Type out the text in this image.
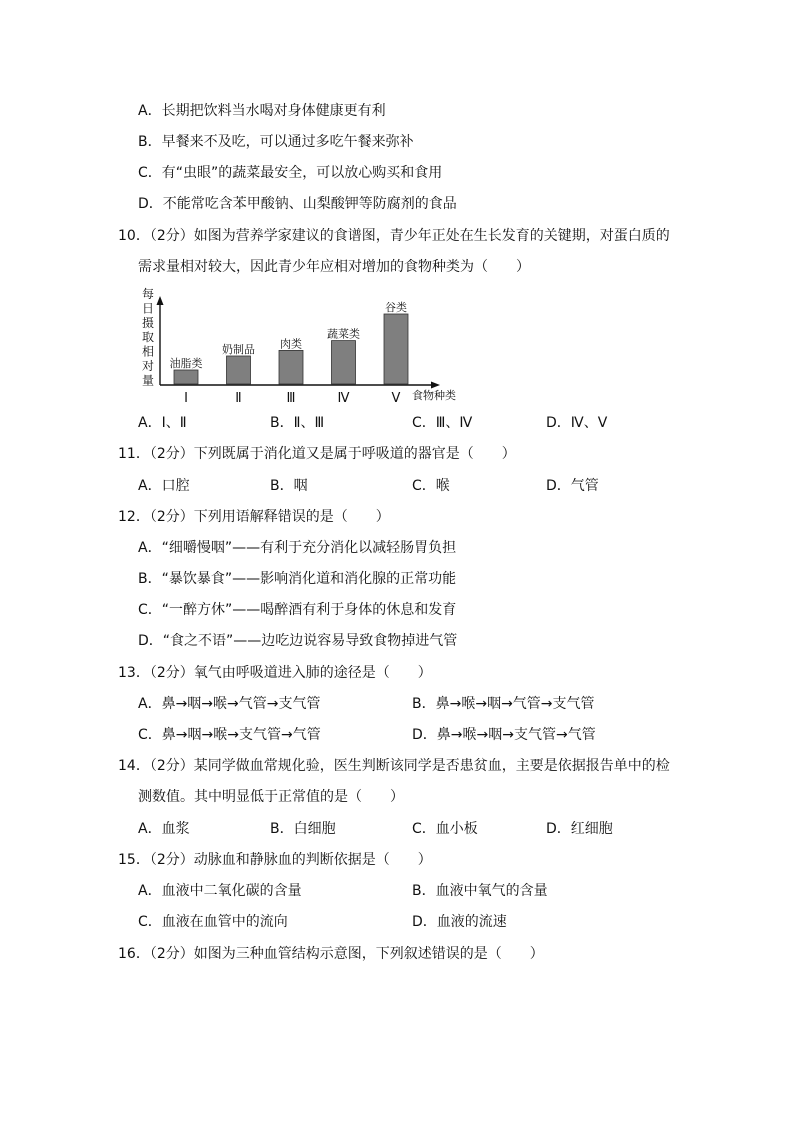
A．长期把饮料当水喝对身体健康更有利
B．早餐来不及吃，可以通过多吃午餐来弥补
C．有“虫眼”的蔬菜最安全，可以放心购买和食用
D．不能常吃含苯甲酸钠、山梨酸钾等防腐剂的食品
10．（2分）如图为营养学家建议的食谱图，青少年正处在生长发育的关键期，对蛋白质的
需求量相对较大，因此青少年应相对增加的食物种类为（　　）
每
日
摄
取
相
对
量
油脂类
Ⅰ
奶制品
Ⅱ
肉类
Ⅲ
蔬菜类
Ⅳ
谷类
Ⅴ 食物种类
A．Ⅰ、Ⅱ	B．Ⅱ、Ⅲ	C．Ⅲ、Ⅳ	D．Ⅳ、Ⅴ
11．（2分）下列既属于消化道又是属于呼吸道的器官是（　　）
A．口腔	B．咽	C．喉	D．气管
12．（2分）下列用语解释错误的是（　　）
A．“细嚼慢咽”——有利于充分消化以减轻肠胃负担
B．“暴饮暴食”——影响消化道和消化腺的正常功能
C．“一醉方休”——喝醉酒有利于身体的休息和发育
D．“食之不语”——边吃边说容易导致食物掉进气管
13．（2分）氧气由呼吸道进入肺的途径是（　　）
A．鼻→咽→喉→气管→支气管	B．鼻→喉→咽→气管→支气管
C．鼻→咽→喉→支气管→气管	D．鼻→喉→咽→支气管→气管
14．（2分）某同学做血常规化验，医生判断该同学是否患贫血，主要是依据报告单中的检
测数值。其中明显低于正常值的是（　　）
A．血浆	B．白细胞	C．血小板	D．红细胞
15．（2分）动脉血和静脉血的判断依据是（　　）
A．血液中二氧化碳的含量	B．血液中氧气的含量
C．血液在血管中的流向	D．血液的流速
16．（2分）如图为三种血管结构示意图，下列叙述错误的是（　　）
